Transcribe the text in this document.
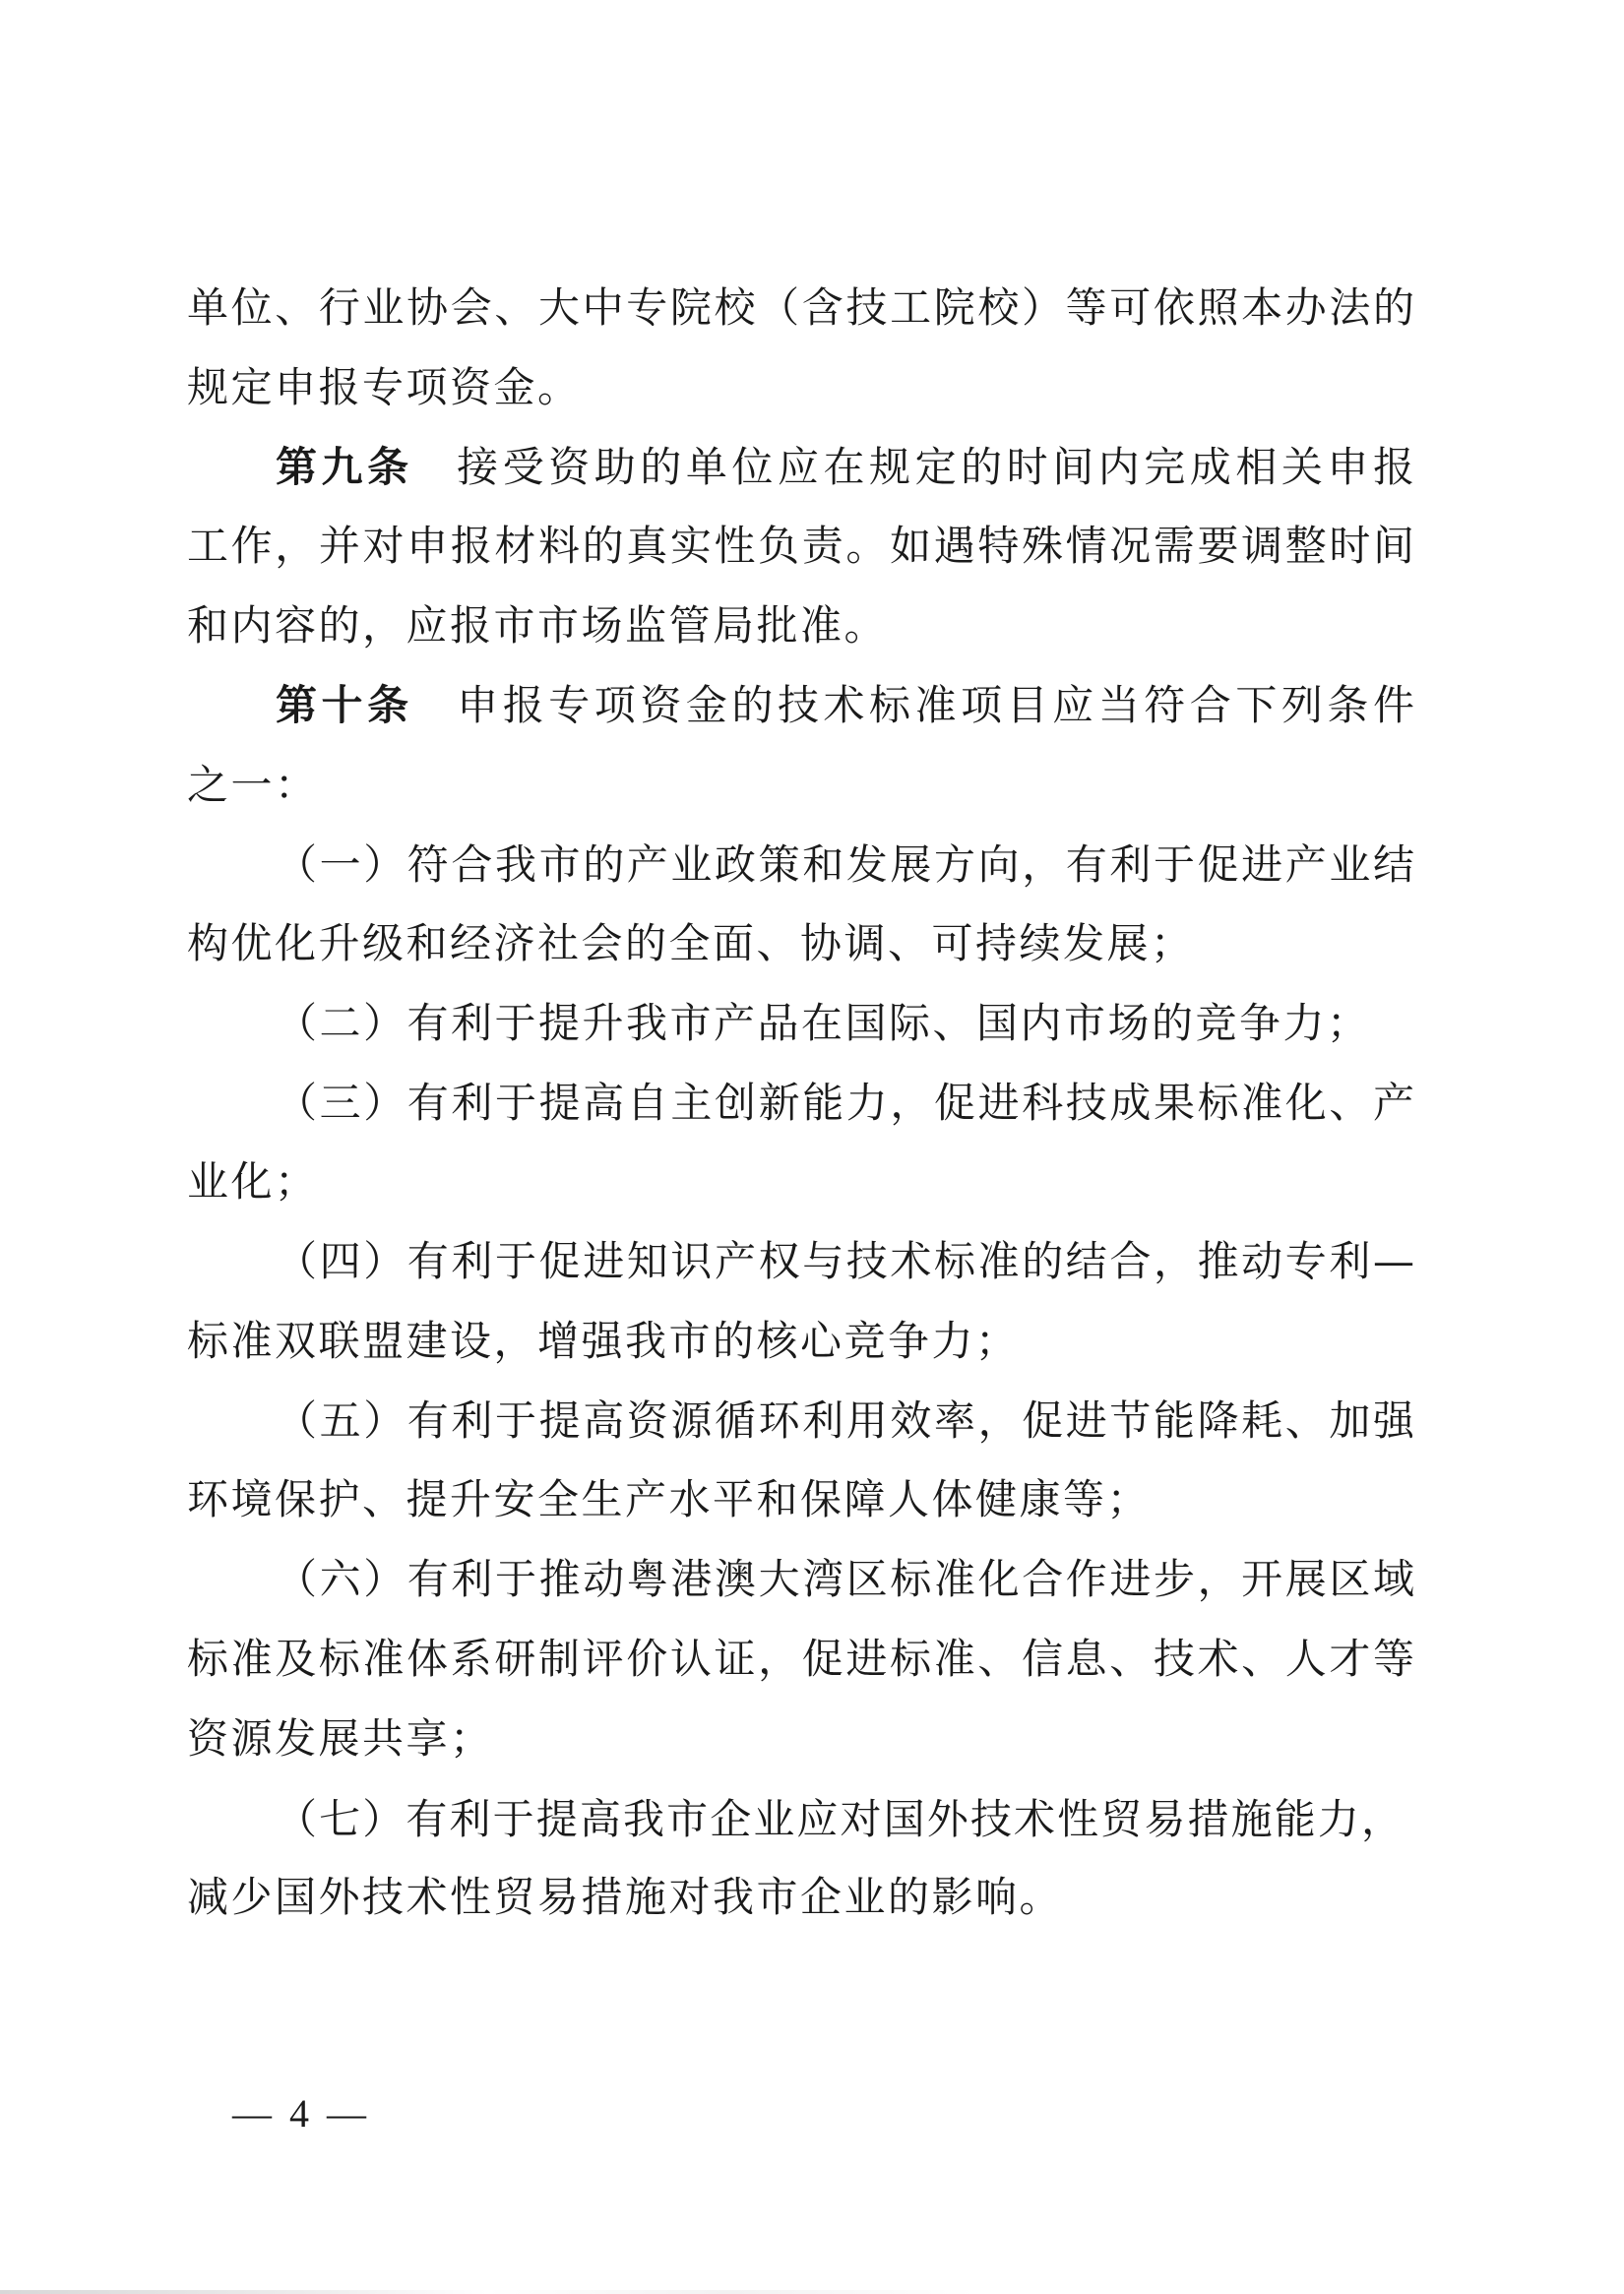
单位、行业协会、大中专院校（含技工院校）等可依照本办法的
规定申报专项资金。
第九条 接受资助的单位应在规定的时间内完成相关申报
工作，并对申报材料的真实性负责。如遇特殊情况需要调整时间
和内容的，应报市市场监管局批准。
第十条 申报专项资金的技术标准项目应当符合下列条件
之一：
（一）符合我市的产业政策和发展方向，有利于促进产业结
构优化升级和经济社会的全面、协调、可持续发展；
（二）有利于提升我市产品在国际、国内市场的竞争力；
（三）有利于提高自主创新能力，促进科技成果标准化、产
业化；
（四）有利于促进知识产权与技术标准的结合，推动专利—
标准双联盟建设，增强我市的核心竞争力；
（五）有利于提高资源循环利用效率，促进节能降耗、加强
环境保护、提升安全生产水平和保障人体健康等；
（六）有利于推动粤港澳大湾区标准化合作进步，开展区域
标准及标准体系研制评价认证，促进标准、信息、技术、人才等
资源发展共享；
（七）有利于提高我市企业应对国外技术性贸易措施能力，
减少国外技术性贸易措施对我市企业的影响。
— 4 —
